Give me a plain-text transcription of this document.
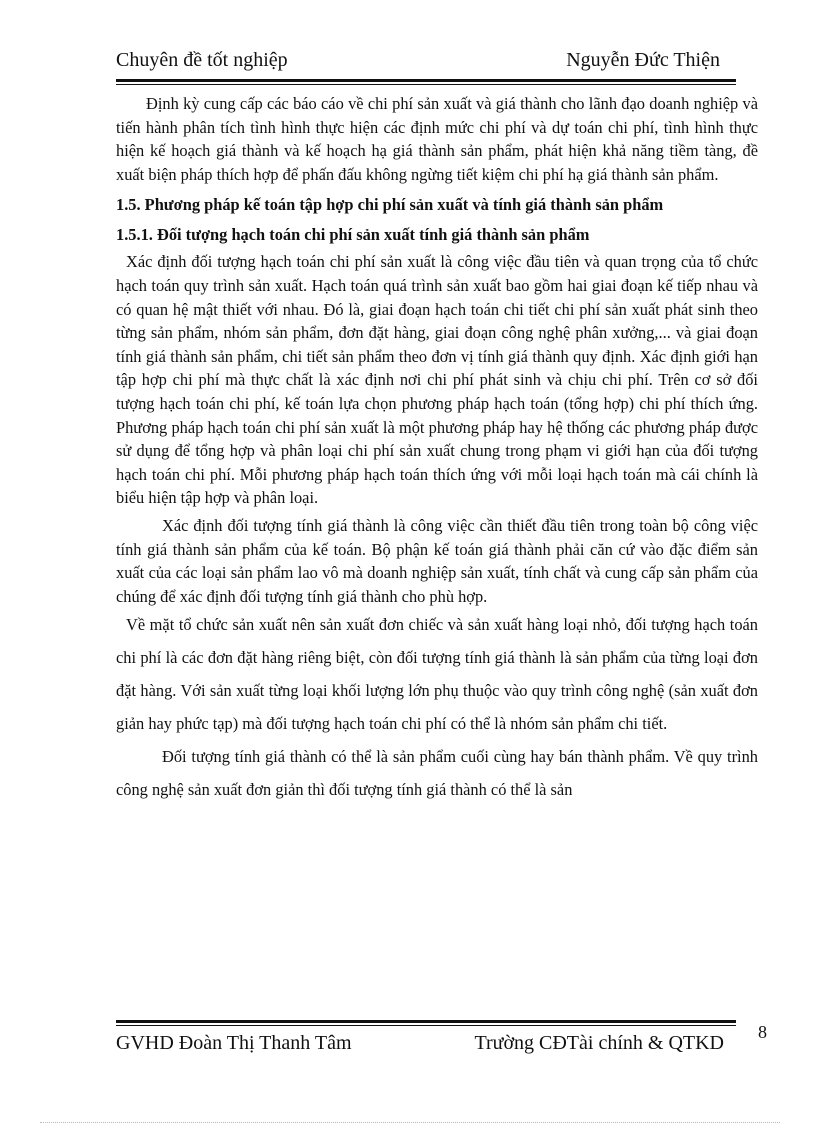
Chuyên đề tốt nghiệp	Nguyễn Đức Thiện

Định kỳ cung cấp các báo cáo về chi phí sản xuất và giá thành cho lãnh đạo doanh nghiệp và tiến hành phân tích tình hình thực hiện các định mức chi phí và dự toán chi phí, tình hình thực hiện kế hoạch giá thành và kế hoạch hạ giá thành sản phẩm, phát hiện khả năng tiềm tàng, đề xuất biện pháp thích hợp để phấn đấu không ngừng tiết kiệm chi phí hạ giá thành sản phẩm.

1.5. Phương pháp kế toán tập hợp chi phí sản xuất và tính giá thành sản phẩm

1.5.1. Đối tượng hạch toán chi phí sản xuất tính giá thành sản phẩm

Xác định đối tượng hạch toán chi phí sản xuất là công việc đầu tiên và quan trọng của tổ chức hạch toán quy trình sản xuất. Hạch toán quá trình sản xuất bao gồm hai giai đoạn kế tiếp nhau và có quan hệ mật thiết với nhau. Đó là, giai đoạn hạch toán chi tiết chi phí sản xuất phát sinh theo từng sản phẩm, nhóm sản phẩm, đơn đặt hàng, giai đoạn công nghệ phân xưởng,... và giai đoạn tính giá thành sản phẩm, chi tiết sản phẩm theo đơn vị tính giá thành quy định. Xác định giới hạn tập hợp chi phí mà thực chất là xác định nơi chi phí phát sinh và chịu chi phí. Trên cơ sở đối tượng hạch toán chi phí, kế toán lựa chọn phương pháp hạch toán (tổng hợp) chi phí thích ứng. Phương pháp hạch toán chi phí sản xuất là một phương pháp hay hệ thống các phương pháp được sử dụng để tổng hợp và phân loại chi phí sản xuất chung trong phạm vi giới hạn của đối tượng hạch toán chi phí. Mỗi phương pháp hạch toán thích ứng với mỗi loại hạch toán mà cái chính là biểu hiện tập hợp và phân loại.

Xác định đối tượng tính giá thành là công việc cần thiết đầu tiên trong toàn bộ công việc tính giá thành sản phẩm của kế toán. Bộ phận kế toán giá thành phải căn cứ vào đặc điểm sản xuất của các loại sản phẩm lao vô mà doanh nghiệp sản xuất, tính chất và cung cấp sản phẩm của chúng để xác định đối tượng tính giá thành cho phù hợp.

Về mặt tổ chức sản xuất nên sản xuất đơn chiếc và sản xuất hàng loại nhỏ, đối tượng hạch toán chi phí là các đơn đặt hàng riêng biệt, còn đối tượng tính giá thành là sản phẩm của từng loại đơn đặt hàng. Với sản xuất từng loại khối lượng lớn phụ thuộc vào quy trình công nghệ (sản xuất đơn giản hay phức tạp) mà đối tượng hạch toán chi phí có thể là nhóm sản phẩm chi tiết.

Đối tượng tính giá thành có thể là sản phẩm cuối cùng hay bán thành phẩm. Về quy trình công nghệ sản xuất đơn giản thì đối tượng tính giá thành có thể là sản

GVHD Đoàn Thị Thanh Tâm	Trường CĐTài chính & QTKD 8
